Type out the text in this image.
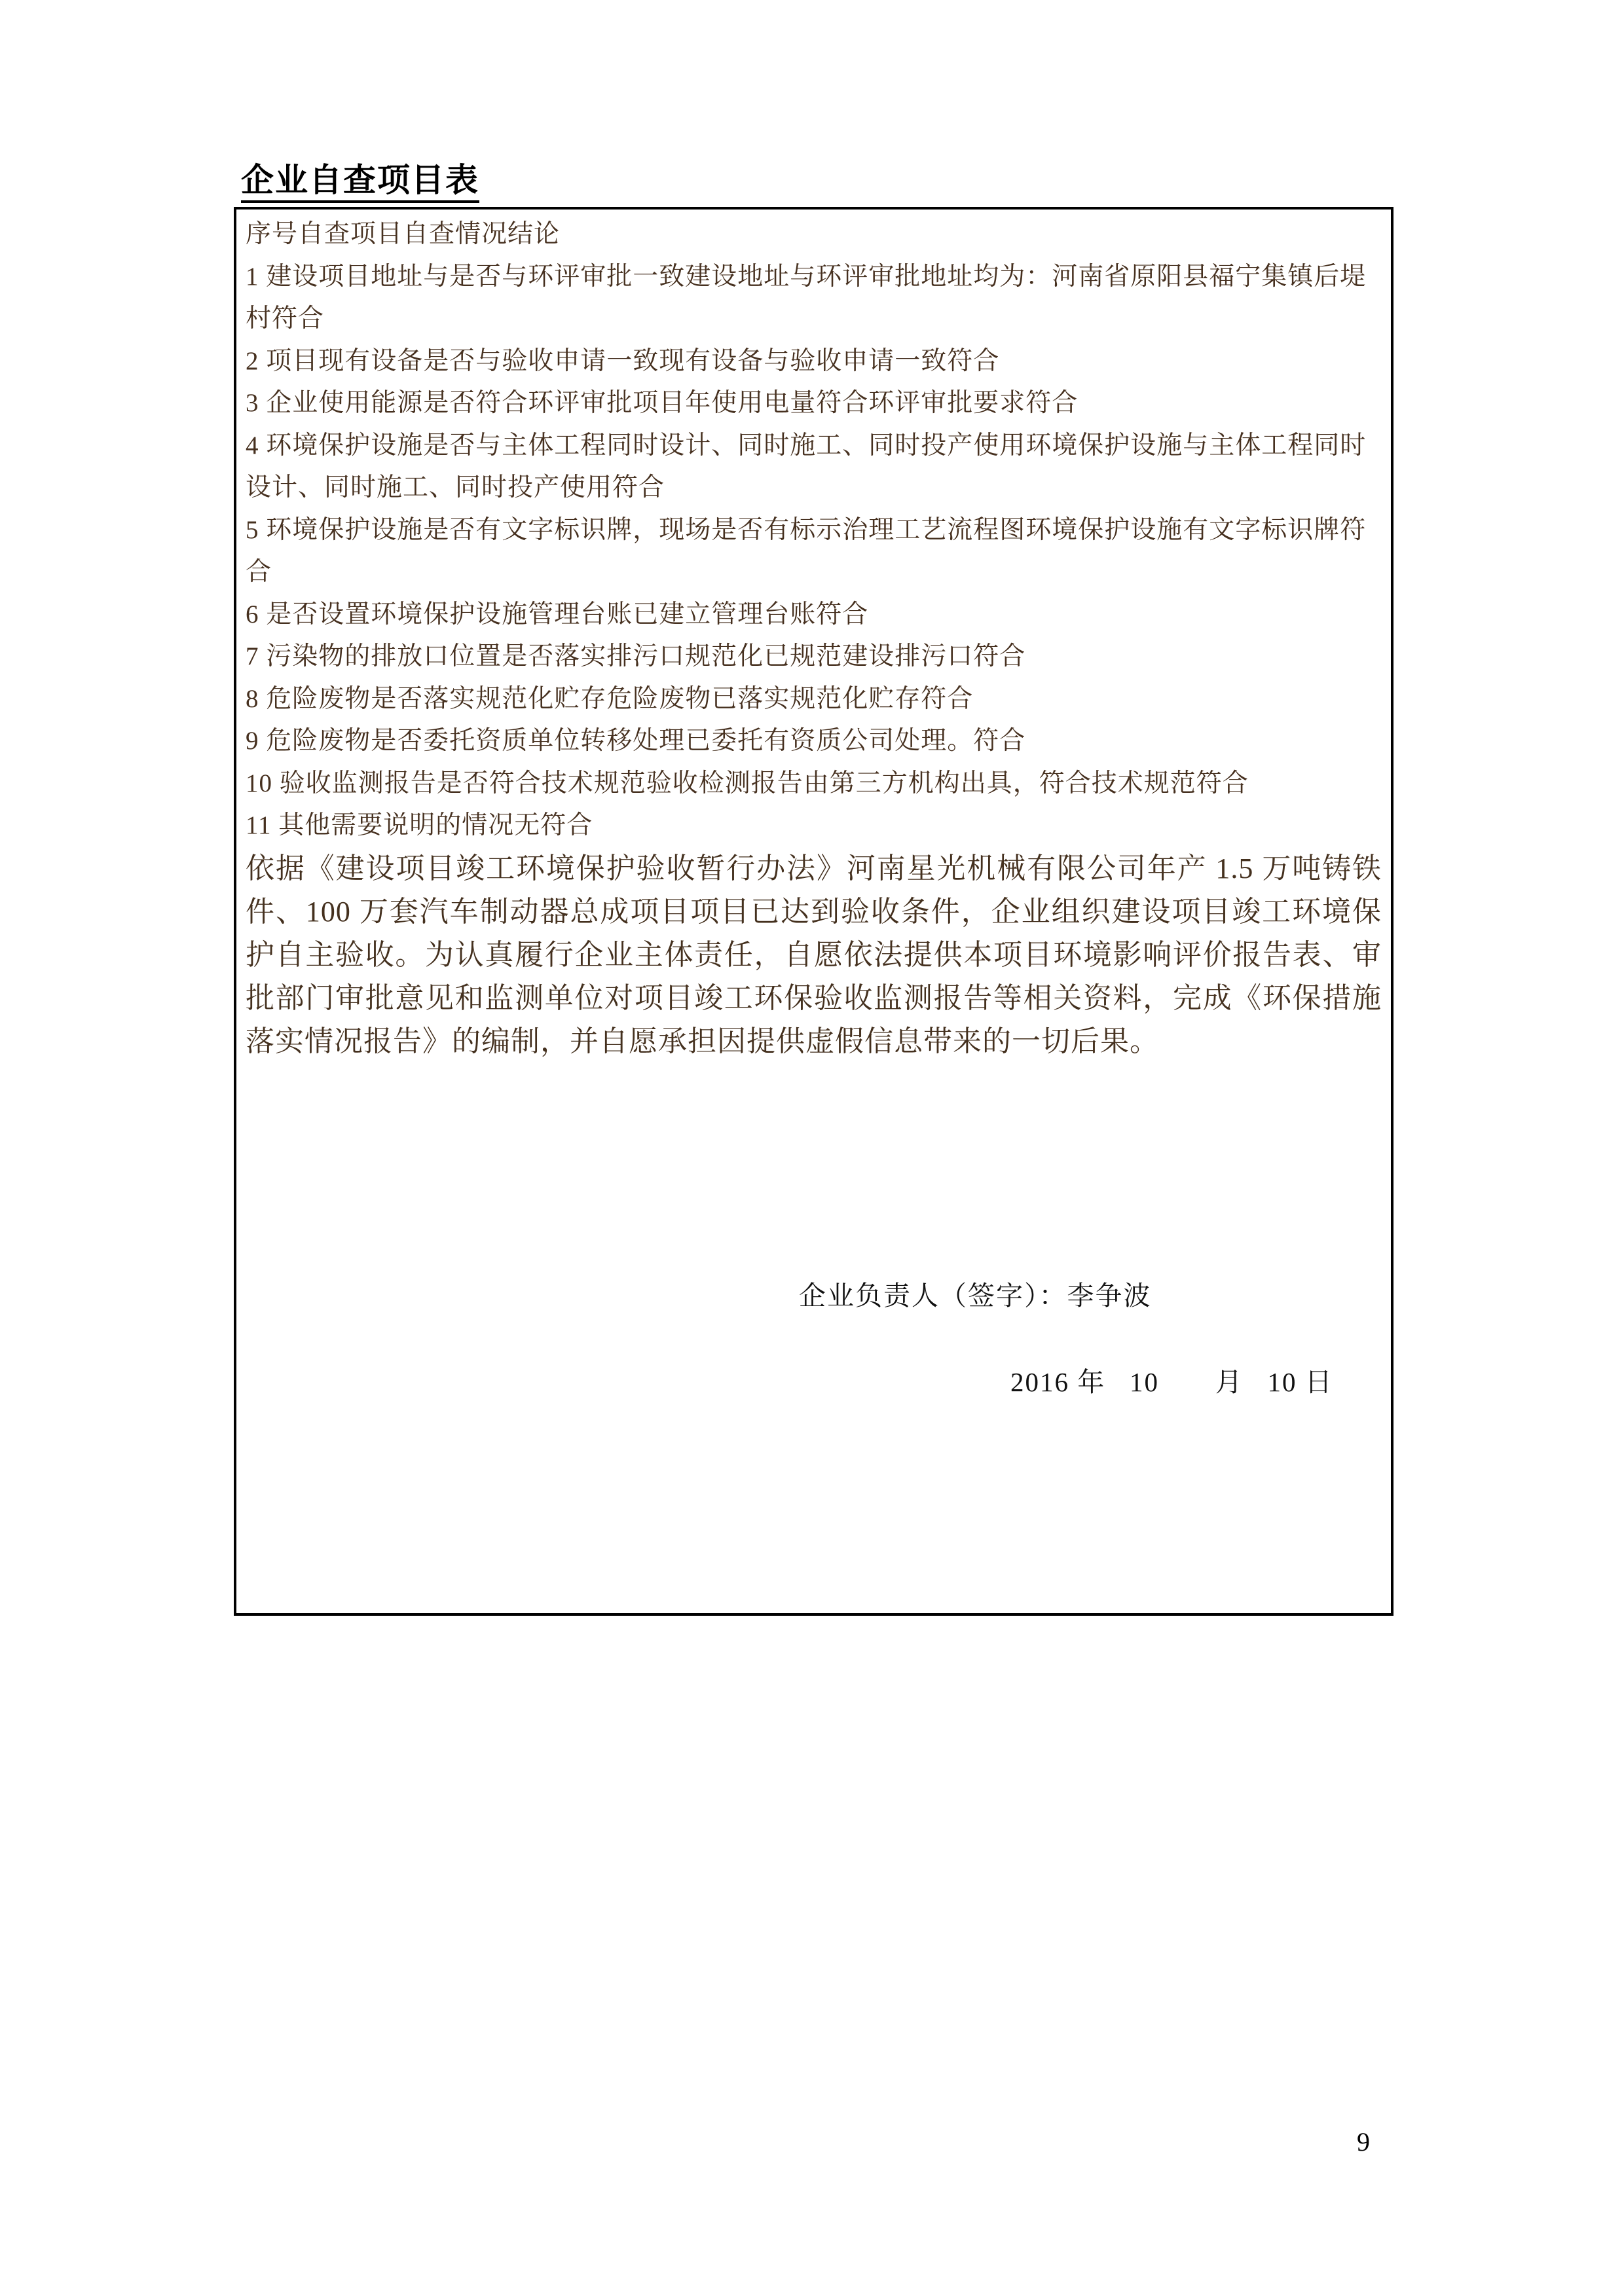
企业自查项目表
序号自查项目自查情况结论
1 建设项目地址与是否与环评审批一致建设地址与环评审批地址均为：河南省原阳县福宁集镇后堤村符合
2 项目现有设备是否与验收申请一致现有设备与验收申请一致符合
3 企业使用能源是否符合环评审批项目年使用电量符合环评审批要求符合
4 环境保护设施是否与主体工程同时设计、同时施工、同时投产使用环境保护设施与主体工程同时设计、同时施工、同时投产使用符合
5 环境保护设施是否有文字标识牌，现场是否有标示治理工艺流程图环境保护设施有文字标识牌符合
6 是否设置环境保护设施管理台账已建立管理台账符合
7 污染物的排放口位置是否落实排污口规范化已规范建设排污口符合
8 危险废物是否落实规范化贮存危险废物已落实规范化贮存符合
9 危险废物是否委托资质单位转移处理已委托有资质公司处理。符合
10 验收监测报告是否符合技术规范验收检测报告由第三方机构出具，符合技术规范符合
11 其他需要说明的情况无符合
依据《建设项目竣工环境保护验收暂行办法》河南星光机械有限公司年产 1.5 万吨铸铁件、100 万套汽车制动器总成项目项目已达到验收条件，企业组织建设项目竣工环境保护自主验收。为认真履行企业主体责任，自愿依法提供本项目环境影响评价报告表、审批部门审批意见和监测单位对项目竣工环保验收监测报告等相关资料，完成《环保措施落实情况报告》的编制，并自愿承担因提供虚假信息带来的一切后果。
企业负责人（签字）：李争波
2016 年   10       月   10 日
9
